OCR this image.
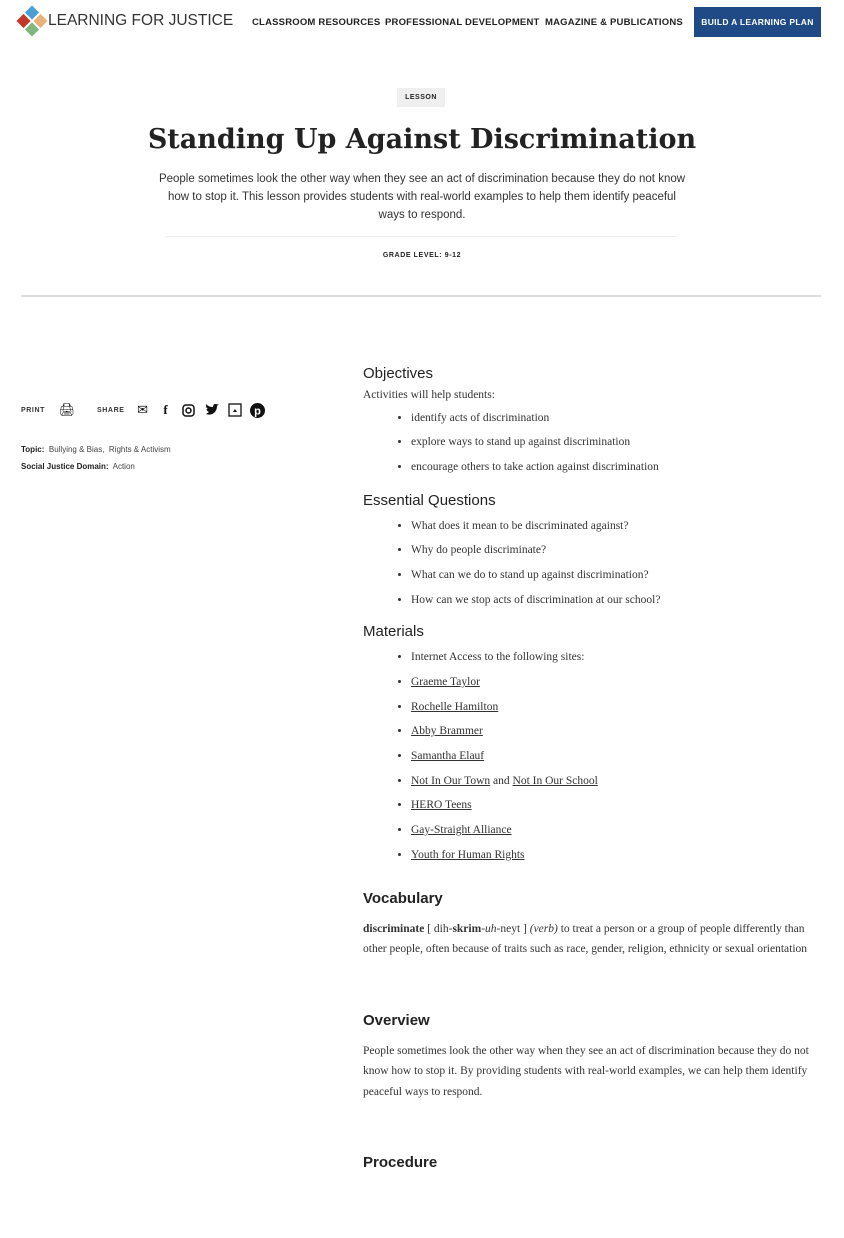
LEARNING FOR JUSTICE CLASSROOM RESOURCES PROFESSIONAL DEVELOPMENT MAGAZINE & PUBLICATIONS	BUILD A LEARNING PLAN
LESSON
Standing Up Against Discrimination
People sometimes look the other way when they see an act of discrimination because they do not know how to stop it. This lesson provides students with real-world examples to help them identify peaceful ways to respond.
GRADE LEVEL: 9-12
PRINT 🖨	SHARE ✉	f	p
Topic: Bullying & Bias, Rights & Activism
Social Justice Domain: Action
Objectives

Activities will help students:

• identify acts of discrimination
• explore ways to stand up against discrimination
• encourage others to take action against discrimination
Essential Questions
• What does it mean to be discriminated against?
• Why do people discriminate?
• What can we do to stand up against discrimination?
• How can we stop acts of discrimination at our school?
Materials
• Internet Access to the following sites:
• Graeme Taylor
• Rochelle Hamilton
• Abby Brammer
• Samantha Elauf
• Not In Our Town and Not In Our School
• HERO Teens
• Gay-Straight Alliance
• Youth for Human Rights
Vocabulary

discriminate [ dih-skrim-uh-neyt ] (verb) to treat a person or a group of people differently than other people, often because of traits such as race, gender, religion, ethnicity or sexual orientation

Overview

People sometimes look the other way when they see an act of discrimination because they do not know how to stop it. By providing students with real-world examples, we can help them identify peaceful ways to respond.

Procedure
